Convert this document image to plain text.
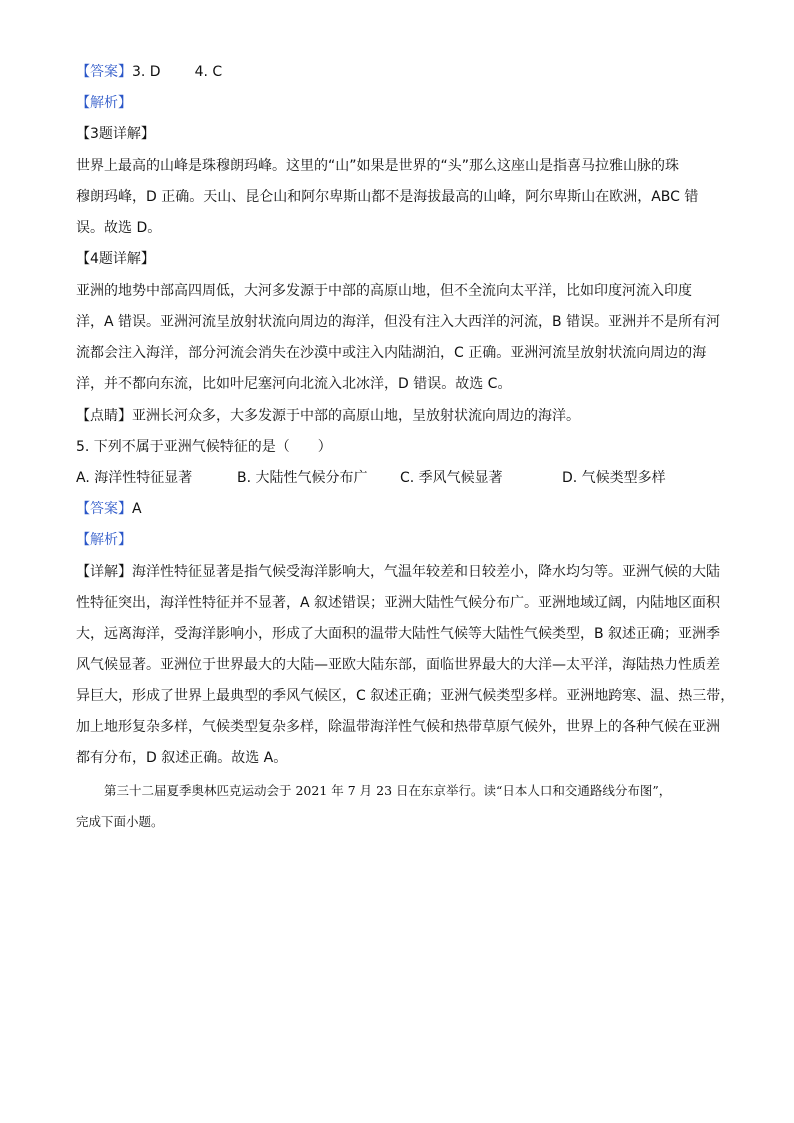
【答案】3. D 4. C
【解析】
【3题详解】
世界上最高的山峰是珠穆朗玛峰。这里的“山”如果是世界的“头”那么这座山是指喜马拉雅山脉的珠
穆朗玛峰，D 正确。天山、昆仑山和阿尔卑斯山都不是海拔最高的山峰，阿尔卑斯山在欧洲，ABC 错
误。故选 D。
【4题详解】
亚洲的地势中部高四周低，大河多发源于中部的高原山地，但不全流向太平洋，比如印度河流入印度
洋，A 错误。亚洲河流呈放射状流向周边的海洋，但没有注入大西洋的河流，B 错误。亚洲并不是所有河
流都会注入海洋，部分河流会消失在沙漠中或注入内陆湖泊，C 正确。亚洲河流呈放射状流向周边的海
洋，并不都向东流，比如叶尼塞河向北流入北冰洋，D 错误。故选 C。
【点睛】亚洲长河众多，大多发源于中部的高原山地，呈放射状流向周边的海洋。
5. 下列不属于亚洲气候特征的是（　　）
A. 海洋性特征显著	B. 大陆性气候分布广 C. 季风气候显著	D. 气候类型多样
【答案】A
【解析】
【详解】海洋性特征显著是指气候受海洋影响大，气温年较差和日较差小，降水均匀等。亚洲气候的大陆
性特征突出，海洋性特征并不显著，A 叙述错误；亚洲大陆性气候分布广。亚洲地域辽阔，内陆地区面积
大，远离海洋，受海洋影响小，形成了大面积的温带大陆性气候等大陆性气候类型，B 叙述正确；亚洲季
风气候显著。亚洲位于世界最大的大陆—亚欧大陆东部，面临世界最大的大洋—太平洋，海陆热力性质差
异巨大，形成了世界上最典型的季风气候区，C 叙述正确；亚洲气候类型多样。亚洲地跨寒、温、热三带，
加上地形复杂多样，气候类型复杂多样，除温带海洋性气候和热带草原气候外，世界上的各种气候在亚洲
都有分布，D 叙述正确。故选 A。
第三十二届夏季奥林匹克运动会于 2021 年 7 月 23 日在东京举行。读“日本人口和交通路线分布图”，
完成下面小题。
